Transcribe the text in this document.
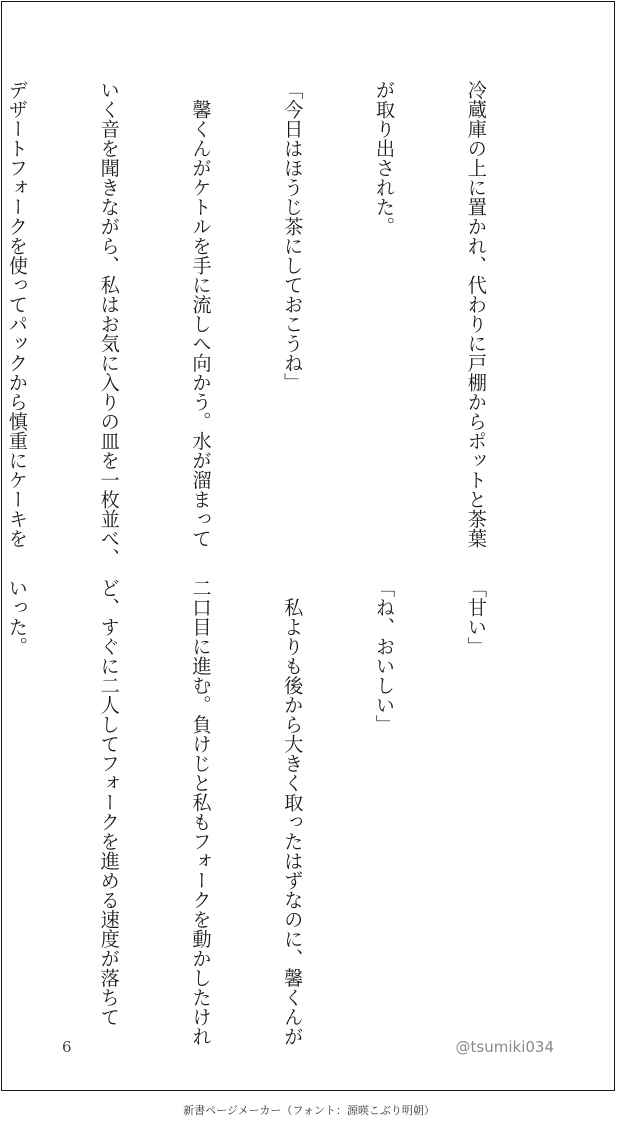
冷蔵庫の上に置かれ、代わりに戸棚からポットと茶葉

が取り出された。

「今日はほうじ茶にしておこうね」

　馨くんがケトルを手に流しへ向かう。水が溜まって

いく音を聞きながら、私はお気に入りの皿を一枚並べ、

デザートフォークを使ってパックから慎重にケーキを

「甘い」

「ね、おいしい」

　私よりも後から大きく取ったはずなのに、馨くんが

二口目に進む。負けじと私もフォークを動かしたけれ

ど、すぐに二人してフォークを進める速度が落ちて

いった。

6	@tsumiki034
新書ページメーカー（フォント：源暎こぶり明朝）
